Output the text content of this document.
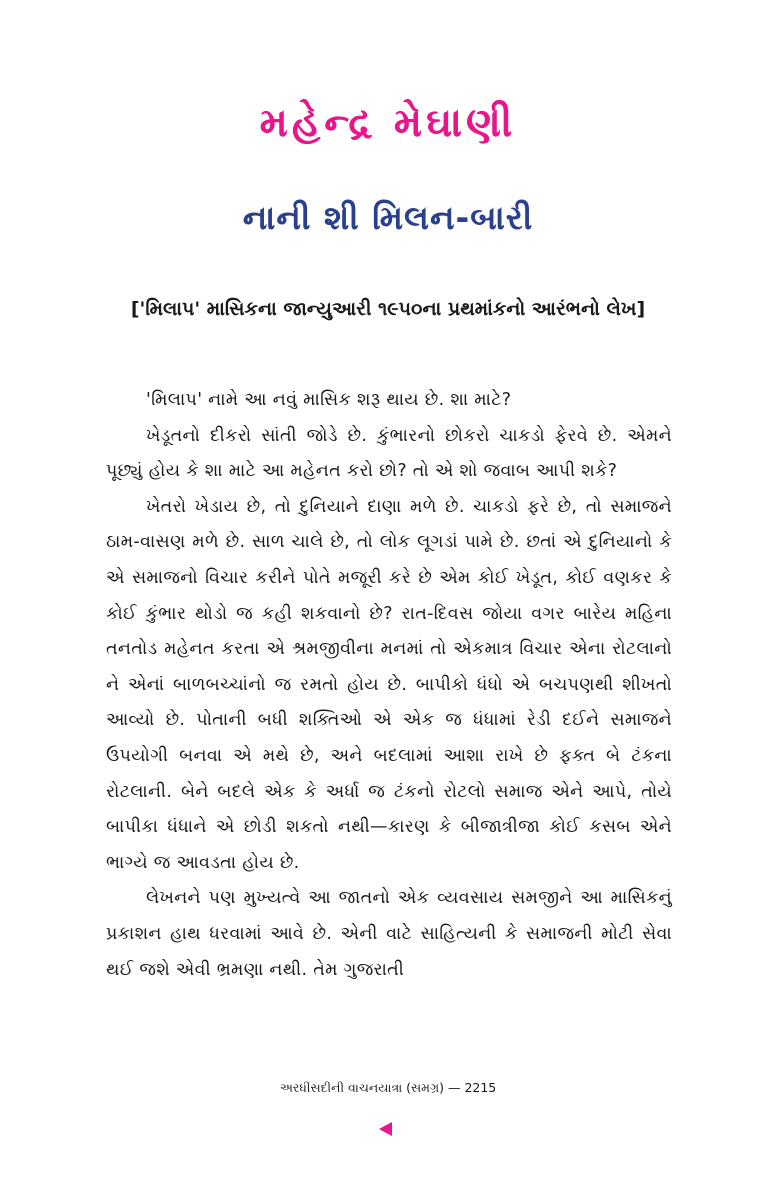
મહેન્દ્ર મેઘાણી
નાની શી મિલન-બારી
['મિલાપ' માસિકના જાન્યુઆરી ૧૯૫૦ના પ્રથમાંકનો આરંભનો લેખ]

'મિલાપ' નામે આ નવું માસિક શરૂ થાય છે. શા માટે?

ખેડૂતનો દીકરો સાંતી જોડે છે. કુંભારનો છોકરો ચાકડો ફેરવે છે. એમને પૂછ્યું હોય કે શા માટે આ મહેનત કરો છો? તો એ શો જવાબ આપી શકે?

ખેતરો ખેડાય છે, તો દુનિયાને દાણા મળે છે. ચાકડો ફરે છે, તો સમાજને ઠામ-વાસણ મળે છે. સાળ ચાલે છે, તો લોક લૂગડાં પામે છે. છતાં એ દુનિયાનો કે એ સમાજનો વિચાર કરીને પોતે મજૂરી કરે છે એમ કોઈ ખેડૂત, કોઈ વણકર કે કોઈ કુંભાર થોડો જ કહી શકવાનો છે? રાત-દિવસ જોયા વગર બારેય મહિના તનતોડ મહેનત કરતા એ શ્રમજીવીના મનમાં તો એકમાત્ર વિચાર એના રોટલાનો ને એનાં બાળબચ્ચાંનો જ રમતો હોય છે. બાપીકો ધંધો એ બચપણથી શીખતો આવ્યો છે. પોતાની બધી શક્તિઓ એ એક જ ધંધામાં રેડી દઈને સમાજને ઉપયોગી બનવા એ મથે છે, અને બદલામાં આશા રાખે છે ફક્ત બે ટંકના રોટલાની. બેને બદલે એક કે અર્ધા જ ટંકનો રોટલો સમાજ એને આપે, તોયે બાપીકા ધંધાને એ છોડી શકતો નથી—કારણ કે બીજાત્રીજા કોઈ કસબ એને ભાગ્યે જ આવડતા હોય છે.

લેખનને પણ મુખ્યત્વે આ જાતનો એક વ્યવસાય સમજીને આ માસિકનું પ્રકાશન હાથ ધરવામાં આવે છે. એની વાટે સાહિત્યની કે સમાજની મોટી સેવા થઈ જશે એવી ભ્રમણા નથી. તેમ ગુજરાતી

અરધીસદીની વાચનયાત્રા (સમગ્ર) — 2215
